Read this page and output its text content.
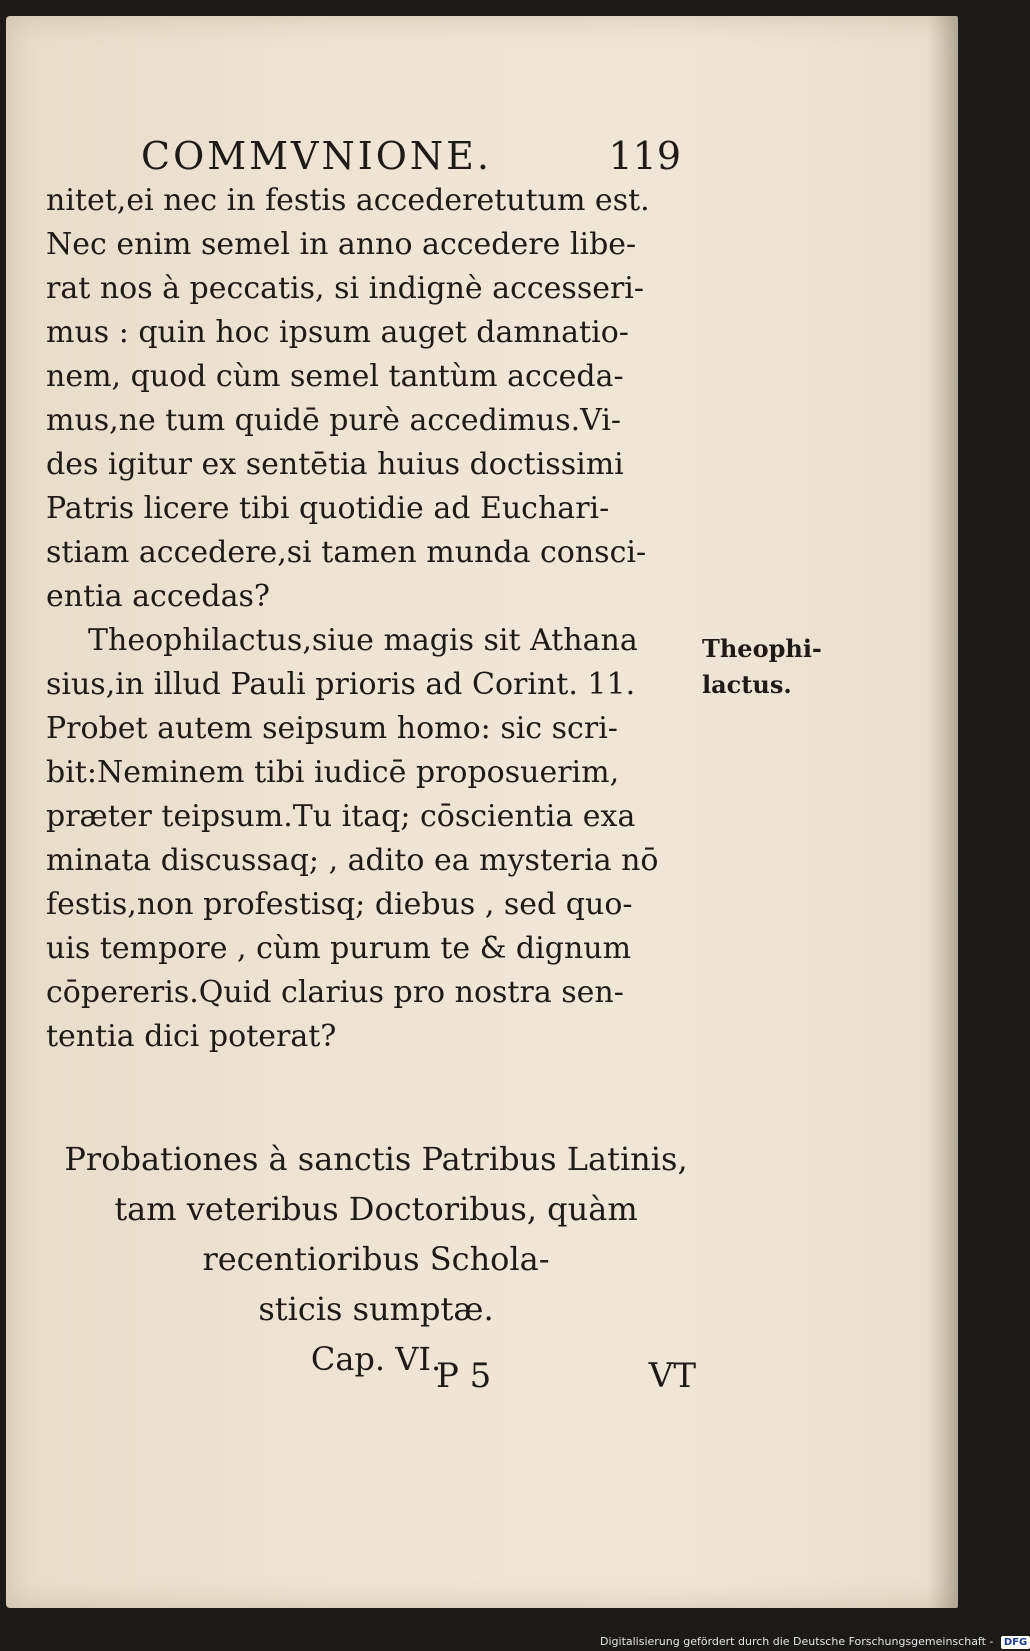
COMMVNIONE.	119
nitet,ei nec in festis accederetutum est.
Nec enim semel in anno accedere libe-
rat nos à peccatis, si indignè accesseri-
mus : quin hoc ipsum auget damnatio-
nem, quod cùm semel tantùm acceda-
mus,ne tum quidē purè accedimus.Vi-
des igitur ex sentētia huius doctissimi
Patris licere tibi quotidie ad Euchari-
stiam accedere,si tamen munda consci-
entia accedas?
Theophilactus,siue magis sit Athana
sius,in illud Pauli prioris ad Corint. 11.
Probet autem seipsum homo: sic scri-
bit:Neminem tibi iudicē proposuerim,
præter teipsum.Tu itaq; cōscientia exa
minata discussaq; , adito ea mysteria nō
festis,non profestisq; diebus , sed quo-
uis tempore , cùm purum te & dignum
cōpereris.Quid clarius pro nostra sen-
tentia dici poterat?
Theophi-
lactus.
Probationes à sanctis Patribus Latinis,
tam veteribus Doctoribus, quàm
recentioribus Schola-
sticis sumptæ.
Cap. VI.
P 5	VT
Digitalisierung gefördert durch die Deutsche Forschungsgemeinschaft - DFG
